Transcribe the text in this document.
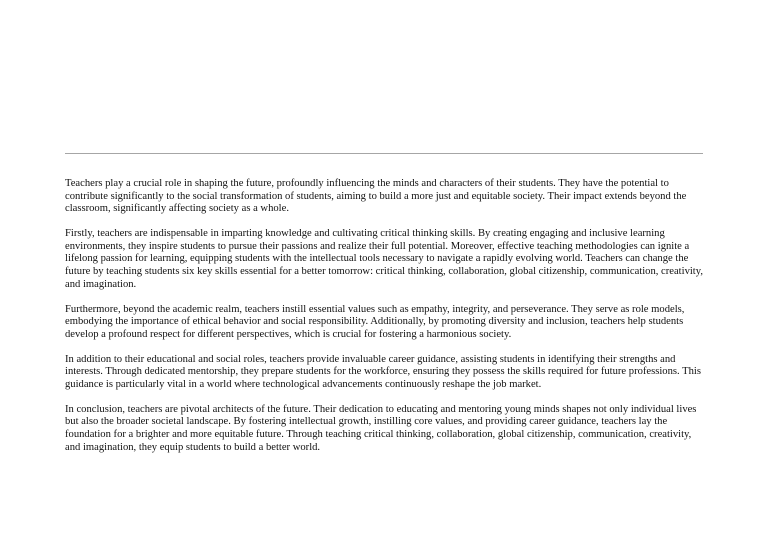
Teachers play a crucial role in shaping the future, profoundly influencing the minds and characters of their students. They have the potential to contribute significantly to the social transformation of students, aiming to build a more just and equitable society. Their impact extends beyond the classroom, significantly affecting society as a whole.

Firstly, teachers are indispensable in imparting knowledge and cultivating critical thinking skills. By creating engaging and inclusive learning environments, they inspire students to pursue their passions and realize their full potential. Moreover, effective teaching methodologies can ignite a lifelong passion for learning, equipping students with the intellectual tools necessary to navigate a rapidly evolving world. Teachers can change the future by teaching students six key skills essential for a better tomorrow: critical thinking, collaboration, global citizenship, communication, creativity, and imagination.

Furthermore, beyond the academic realm, teachers instill essential values such as empathy, integrity, and perseverance. They serve as role models, embodying the importance of ethical behavior and social responsibility. Additionally, by promoting diversity and inclusion, teachers help students develop a profound respect for different perspectives, which is crucial for fostering a harmonious society.

In addition to their educational and social roles, teachers provide invaluable career guidance, assisting students in identifying their strengths and interests. Through dedicated mentorship, they prepare students for the workforce, ensuring they possess the skills required for future professions. This guidance is particularly vital in a world where technological advancements continuously reshape the job market.

In conclusion, teachers are pivotal architects of the future. Their dedication to educating and mentoring young minds shapes not only individual lives but also the broader societal landscape. By fostering intellectual growth, instilling core values, and providing career guidance, teachers lay the foundation for a brighter and more equitable future. Through teaching critical thinking, collaboration, global citizenship, communication, creativity, and imagination, they equip students to build a better world.
